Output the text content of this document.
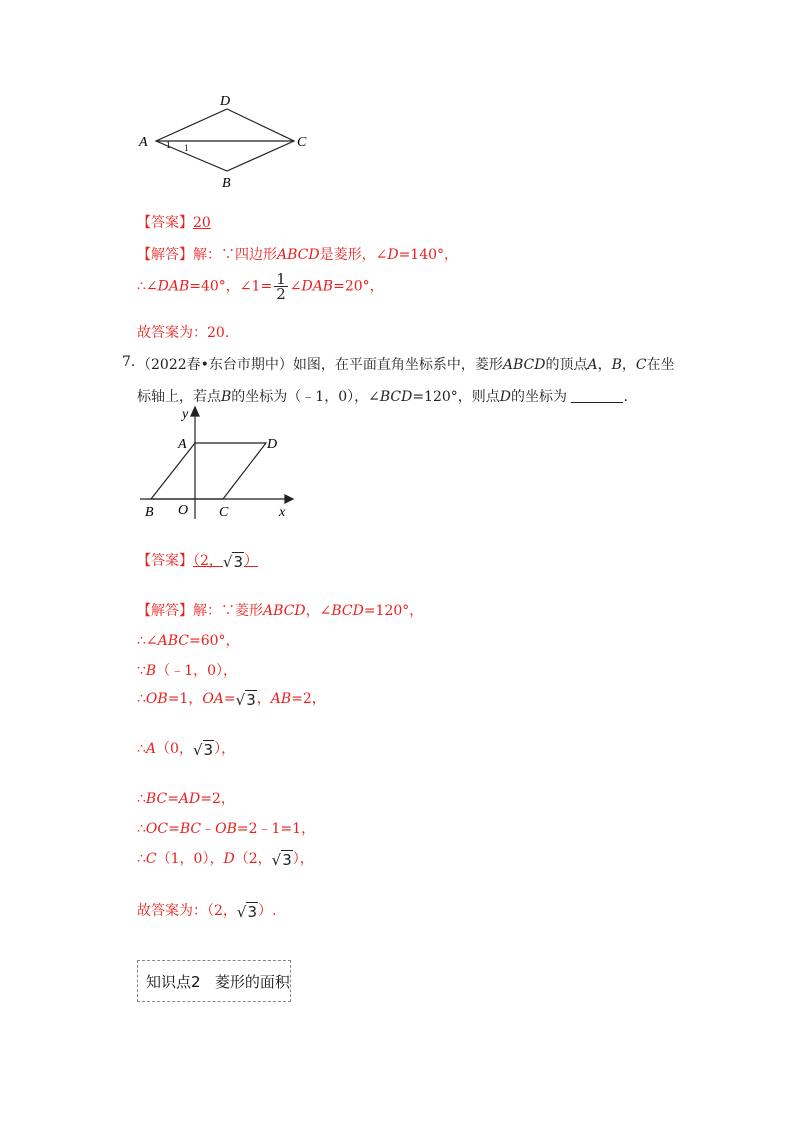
D
A	C
B
1 1
【答案】20
【解答】解：∵四边形ABCD是菱形，∠D=140°，
∴∠DAB=40°，∠1= $\frac{1}{2}$ ∠DAB=20°，
故答案为：20.
7. （2022春•东台市期中）如图，在平面直角坐标系中，菱形ABCD的顶点A，B，C在坐
标轴上，若点B的坐标为（﹣1，0），∠BCD=120°，则点D的坐标为	.
y
A	D
B O C	x
【答案】（2，√3）
【解答】解：∵菱形ABCD，∠BCD=120°，
∴∠ABC=60°，
∵B（﹣1，0），
∴OB=1，OA=√3，AB=2，
∴A（0，√3），
∴BC=AD=2，
∴OC=BC﹣OB=2﹣1=1，
∴C（1，0），D（2，√3），
故答案为：（2，√3）.
知识点2   菱形的面积
